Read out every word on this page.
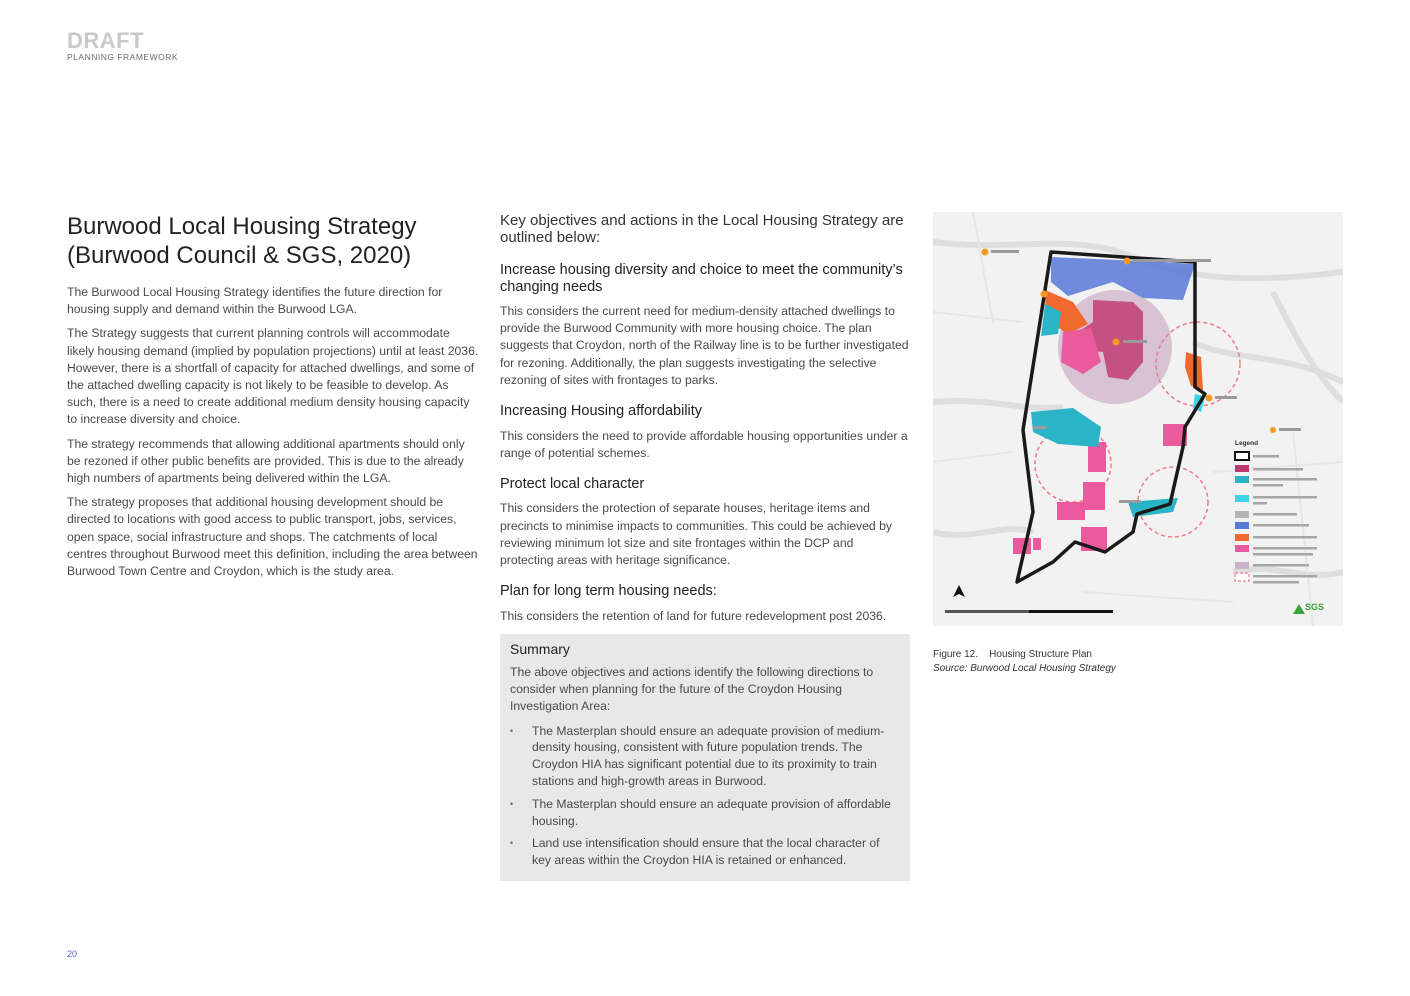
DRAFT
PLANNING FRAMEWORK
Burwood Local Housing Strategy
(Burwood Council & SGS, 2020)

The Burwood Local Housing Strategy identifies the future direction for housing supply and demand within the Burwood LGA.

The Strategy suggests that current planning controls will accommodate likely housing demand (implied by population projections) until at least 2036. However, there is a shortfall of capacity for attached dwellings, and some of the attached dwelling capacity is not likely to be feasible to develop. As such, there is a need to create additional medium density housing capacity to increase diversity and choice.

The strategy recommends that allowing additional apartments should only be rezoned if other public benefits are provided. This is due to the already high numbers of apartments being delivered within the LGA.

The strategy proposes that additional housing development should be directed to locations with good access to public transport, jobs, services, open space, social infrastructure and shops. The catchments of local centres throughout Burwood meet this definition, including the area between Burwood Town Centre and Croydon, which is the study area.

Key objectives and actions in the Local Housing Strategy are outlined below:
Increase housing diversity and choice to meet the community’s changing needs

This considers the current need for medium-density attached dwellings to provide the Burwood Community with more housing choice. The plan suggests that Croydon, north of the Railway line is to be further investigated for rezoning. Additionally, the plan suggests investigating the selective rezoning of sites with frontages to parks.

Increasing Housing affordability

This considers the need to provide affordable housing opportunities under a range of potential schemes.

Protect local character

This considers the protection of separate houses, heritage items and precincts to minimise impacts to communities. This could be achieved by reviewing minimum lot size and site frontages within the DCP and protecting areas with heritage significance.

Plan for long term housing needs:

This considers the retention of land for future redevelopment post 2036.

Summary

The above objectives and actions identify the following directions to consider when planning for the future of the Croydon Housing Investigation Area:

• The Masterplan should ensure an adequate provision of medium-density housing, consistent with future population trends. The Croydon HIA has significant potential due to its proximity to train stations and high-growth areas in Burwood.
• The Masterplan should ensure an adequate provision of affordable housing.
• Land use intensification should ensure that the local character of key areas within the Croydon HIA is retained or enhanced.
Legend
SGS
Figure 12. Housing Structure Plan
Source: Burwood Local Housing Strategy
20
